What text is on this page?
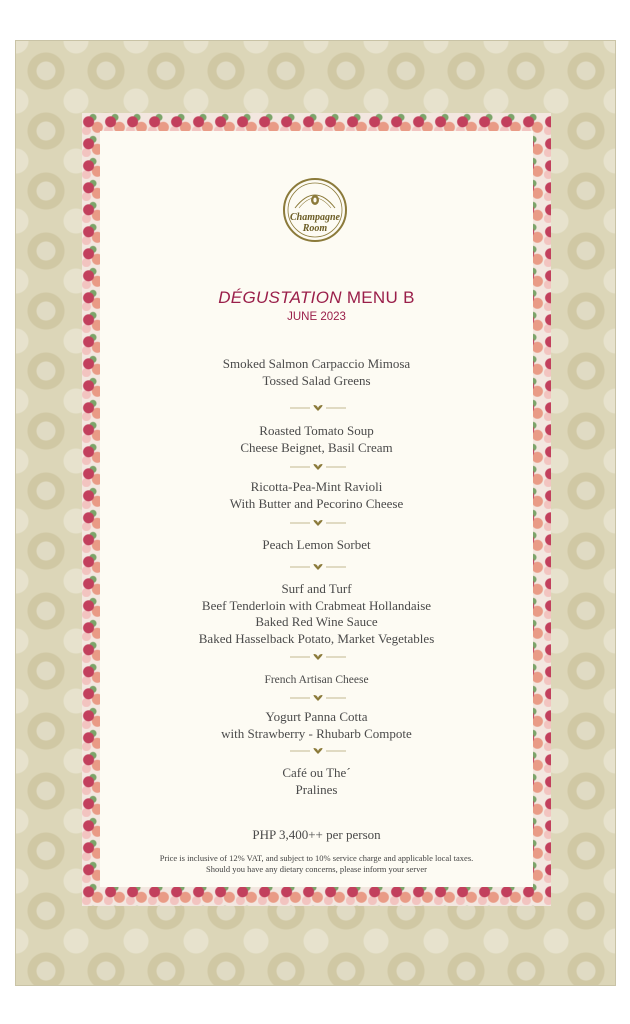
Champagne
Room
DÉGUSTATION MENU B
JUNE 2023
Smoked Salmon Carpaccio Mimosa
Tossed Salad Greens
Roasted Tomato Soup
Cheese Beignet, Basil Cream
Ricotta-Pea-Mint Ravioli
With Butter and Pecorino Cheese
Peach Lemon Sorbet
Surf and Turf
Beef Tenderloin with Crabmeat Hollandaise
Baked Red Wine Sauce
Baked Hasselback Potato, Market Vegetables
French Artisan Cheese
Yogurt Panna Cotta
with Strawberry - Rhubarb Compote
Café ou The´
Pralines
PHP 3,400++ per person
Price is inclusive of 12% VAT, and subject to 10% service charge and applicable local taxes.
Should you have any dietary concerns, please inform your server
